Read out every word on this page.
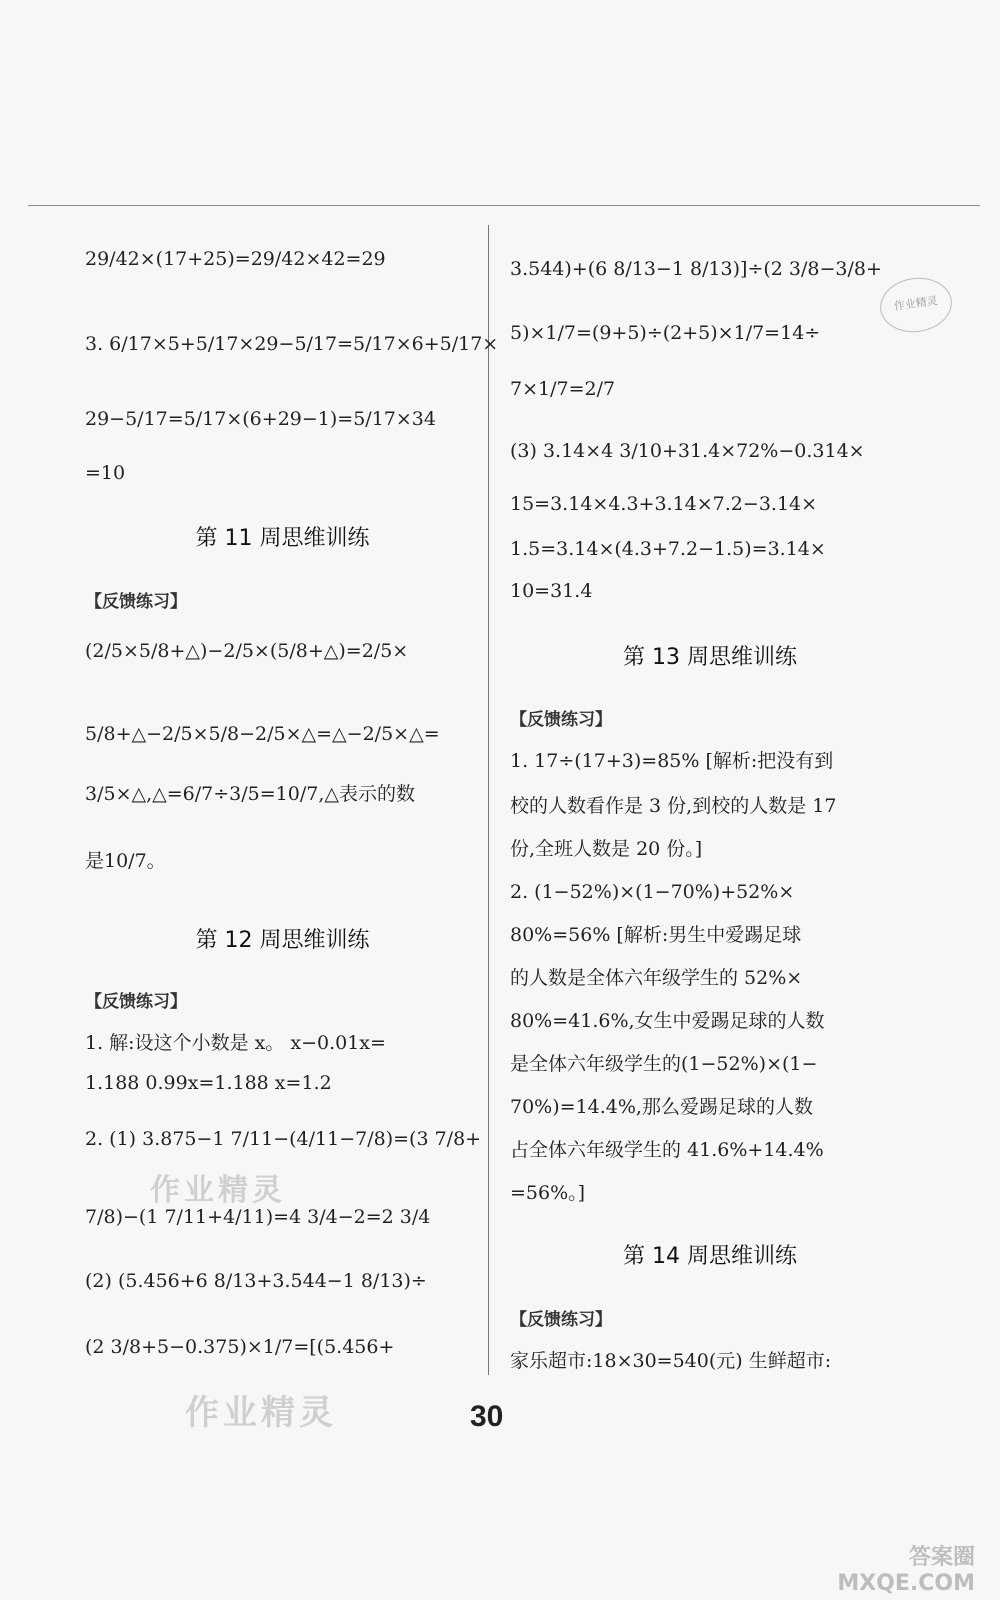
29/42×(17+25)=29/42×42=29
3. 6/17×5+5/17×29−5/17=5/17×6+5/17×
29−5/17=5/17×(6+29−1)=5/17×34
=10
第 11 周思维训练
【反馈练习】
(2/5×5/8+△)−2/5×(5/8+△)=2/5×
5/8+△−2/5×5/8−2/5×△=△−2/5×△=
3/5×△,△=6/7÷3/5=10/7,△表示的数
是10/7。
第 12 周思维训练
【反馈练习】
1. 解:设这个小数是 x。 x−0.01x=
1.188 0.99x=1.188 x=1.2
2. (1) 3.875−1 7/11−(4/11−7/8)=(3 7/8+
7/8)−(1 7/11+4/11)=4 3/4−2=2 3/4
(2) (5.456+6 8/13+3.544−1 8/13)÷
(2 3/8+5−0.375)×1/7=[(5.456+
3.544)+(6 8/13−1 8/13)]÷(2 3/8−3/8+
5)×1/7=(9+5)÷(2+5)×1/7=14÷
7×1/7=2/7
(3) 3.14×4 3/10+31.4×72%−0.314×
15=3.14×4.3+3.14×7.2−3.14×
1.5=3.14×(4.3+7.2−1.5)=3.14×
10=31.4
第 13 周思维训练
【反馈练习】
1. 17÷(17+3)=85% [解析:把没有到
校的人数看作是 3 份,到校的人数是 17
份,全班人数是 20 份。]
2. (1−52%)×(1−70%)+52%×
80%=56% [解析:男生中爱踢足球
的人数是全体六年级学生的 52%×
80%=41.6%,女生中爱踢足球的人数
是全体六年级学生的(1−52%)×(1−
70%)=14.4%,那么爱踢足球的人数
占全体六年级学生的 41.6%+14.4%
=56%。]
第 14 周思维训练
【反馈练习】
家乐超市:18×30=540(元) 生鲜超市:
作业精灵
作业精灵
作业精灵
30
答案圈 MXQE.COM
